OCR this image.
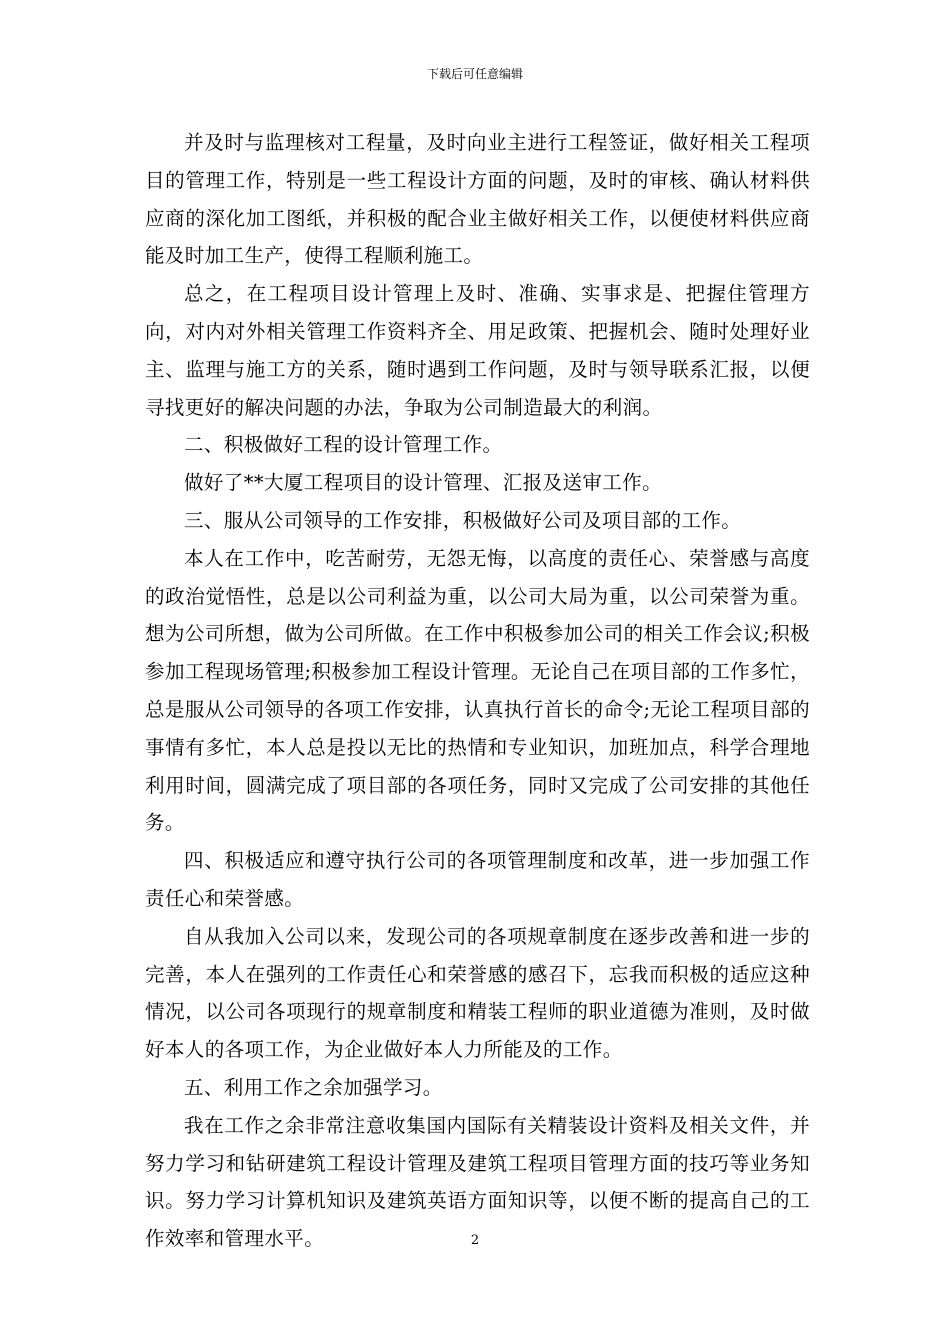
下载后可任意编辑

并及时与监理核对工程量，及时向业主进行工程签证，做好相关工程项目的管理工作，特别是一些工程设计方面的问题，及时的审核、确认材料供应商的深化加工图纸，并积极的配合业主做好相关工作，以便使材料供应商能及时加工生产，使得工程顺利施工。

总之，在工程项目设计管理上及时、准确、实事求是、把握住管理方向，对内对外相关管理工作资料齐全、用足政策、把握机会、随时处理好业主、监理与施工方的关系，随时遇到工作问题，及时与领导联系汇报，以便寻找更好的解决问题的办法，争取为公司制造最大的利润。

二、积极做好工程的设计管理工作。

做好了**大厦工程项目的设计管理、汇报及送审工作。

三、服从公司领导的工作安排，积极做好公司及项目部的工作。

本人在工作中，吃苦耐劳，无怨无悔，以高度的责任心、荣誉感与高度的政治觉悟性，总是以公司利益为重，以公司大局为重，以公司荣誉为重。想为公司所想，做为公司所做。在工作中积极参加公司的相关工作会议;积极参加工程现场管理;积极参加工程设计管理。无论自己在项目部的工作多忙，总是服从公司领导的各项工作安排，认真执行首长的命令;无论工程项目部的事情有多忙，本人总是投以无比的热情和专业知识，加班加点，科学合理地利用时间，圆满完成了项目部的各项任务，同时又完成了公司安排的其他任务。

四、积极适应和遵守执行公司的各项管理制度和改革，进一步加强工作责任心和荣誉感。

自从我加入公司以来，发现公司的各项规章制度在逐步改善和进一步的完善，本人在强列的工作责任心和荣誉感的感召下，忘我而积极的适应这种情况，以公司各项现行的规章制度和精装工程师的职业道德为准则，及时做好本人的各项工作，为企业做好本人力所能及的工作。

五、利用工作之余加强学习。

我在工作之余非常注意收集国内国际有关精装设计资料及相关文件，并努力学习和钻研建筑工程设计管理及建筑工程项目管理方面的技巧等业务知识。努力学习计算机知识及建筑英语方面知识等，以便不断的提高自己的工作效率和管理水平。	2
